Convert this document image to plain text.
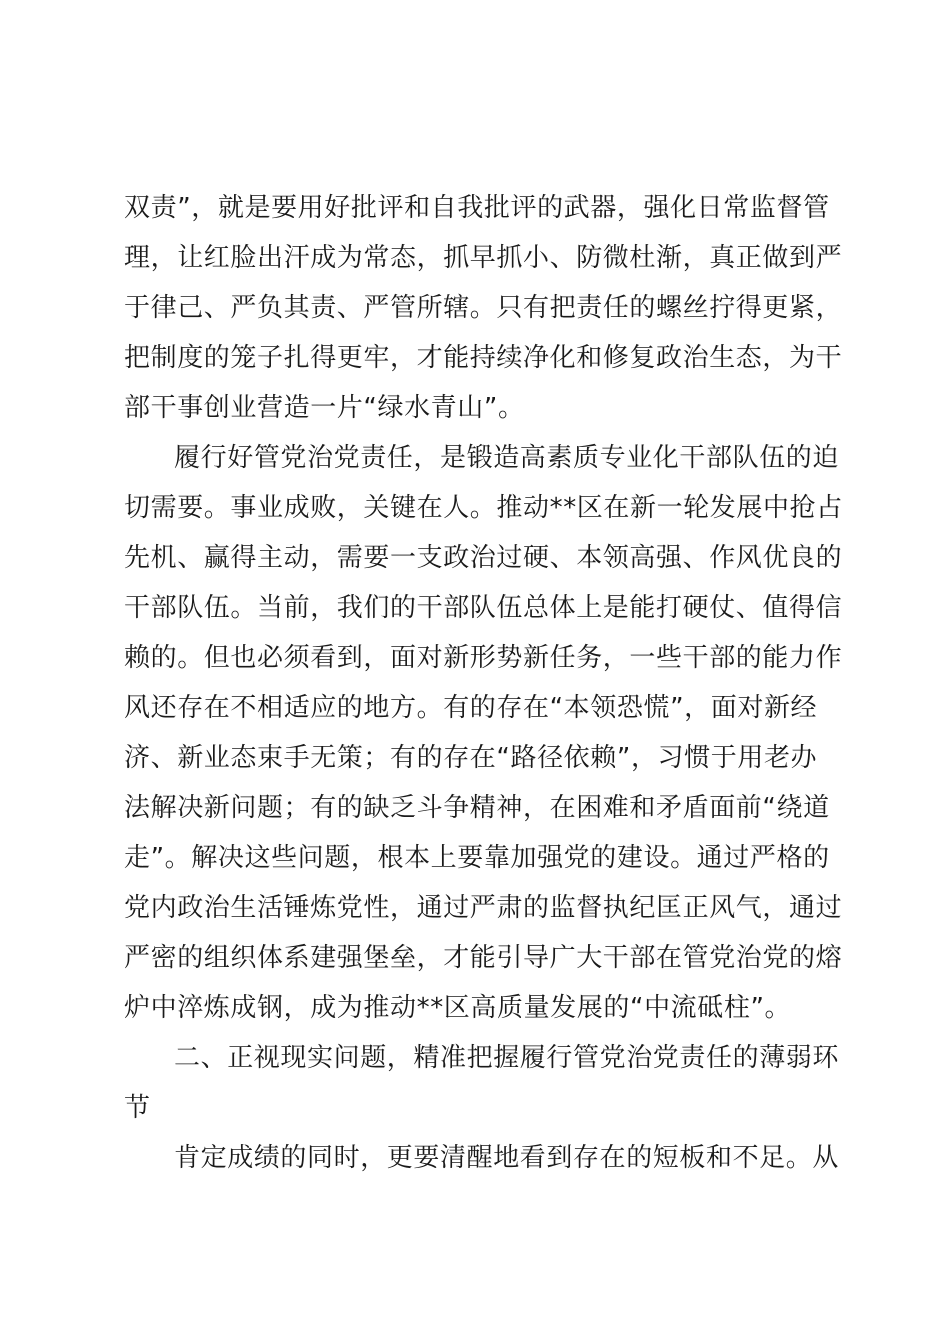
双责”，就是要用好批评和自我批评的武器，强化日常监督管
理，让红脸出汗成为常态，抓早抓小、防微杜渐，真正做到严
于律己、严负其责、严管所辖。只有把责任的螺丝拧得更紧，
把制度的笼子扎得更牢，才能持续净化和修复政治生态，为干
部干事创业营造一片“绿水青山”。
履行好管党治党责任，是锻造高素质专业化干部队伍的迫
切需要。事业成败，关键在人。推动**区在新一轮发展中抢占
先机、赢得主动，需要一支政治过硬、本领高强、作风优良的
干部队伍。当前，我们的干部队伍总体上是能打硬仗、值得信
赖的。但也必须看到，面对新形势新任务，一些干部的能力作
风还存在不相适应的地方。有的存在“本领恐慌”，面对新经
济、新业态束手无策；有的存在“路径依赖”，习惯于用老办
法解决新问题；有的缺乏斗争精神，在困难和矛盾面前“绕道
走”。解决这些问题，根本上要靠加强党的建设。通过严格的
党内政治生活锤炼党性，通过严肃的监督执纪匡正风气，通过
严密的组织体系建强堡垒，才能引导广大干部在管党治党的熔
炉中淬炼成钢，成为推动**区高质量发展的“中流砥柱”。
二、正视现实问题，精准把握履行管党治党责任的薄弱环
节
肯定成绩的同时，更要清醒地看到存在的短板和不足。从
